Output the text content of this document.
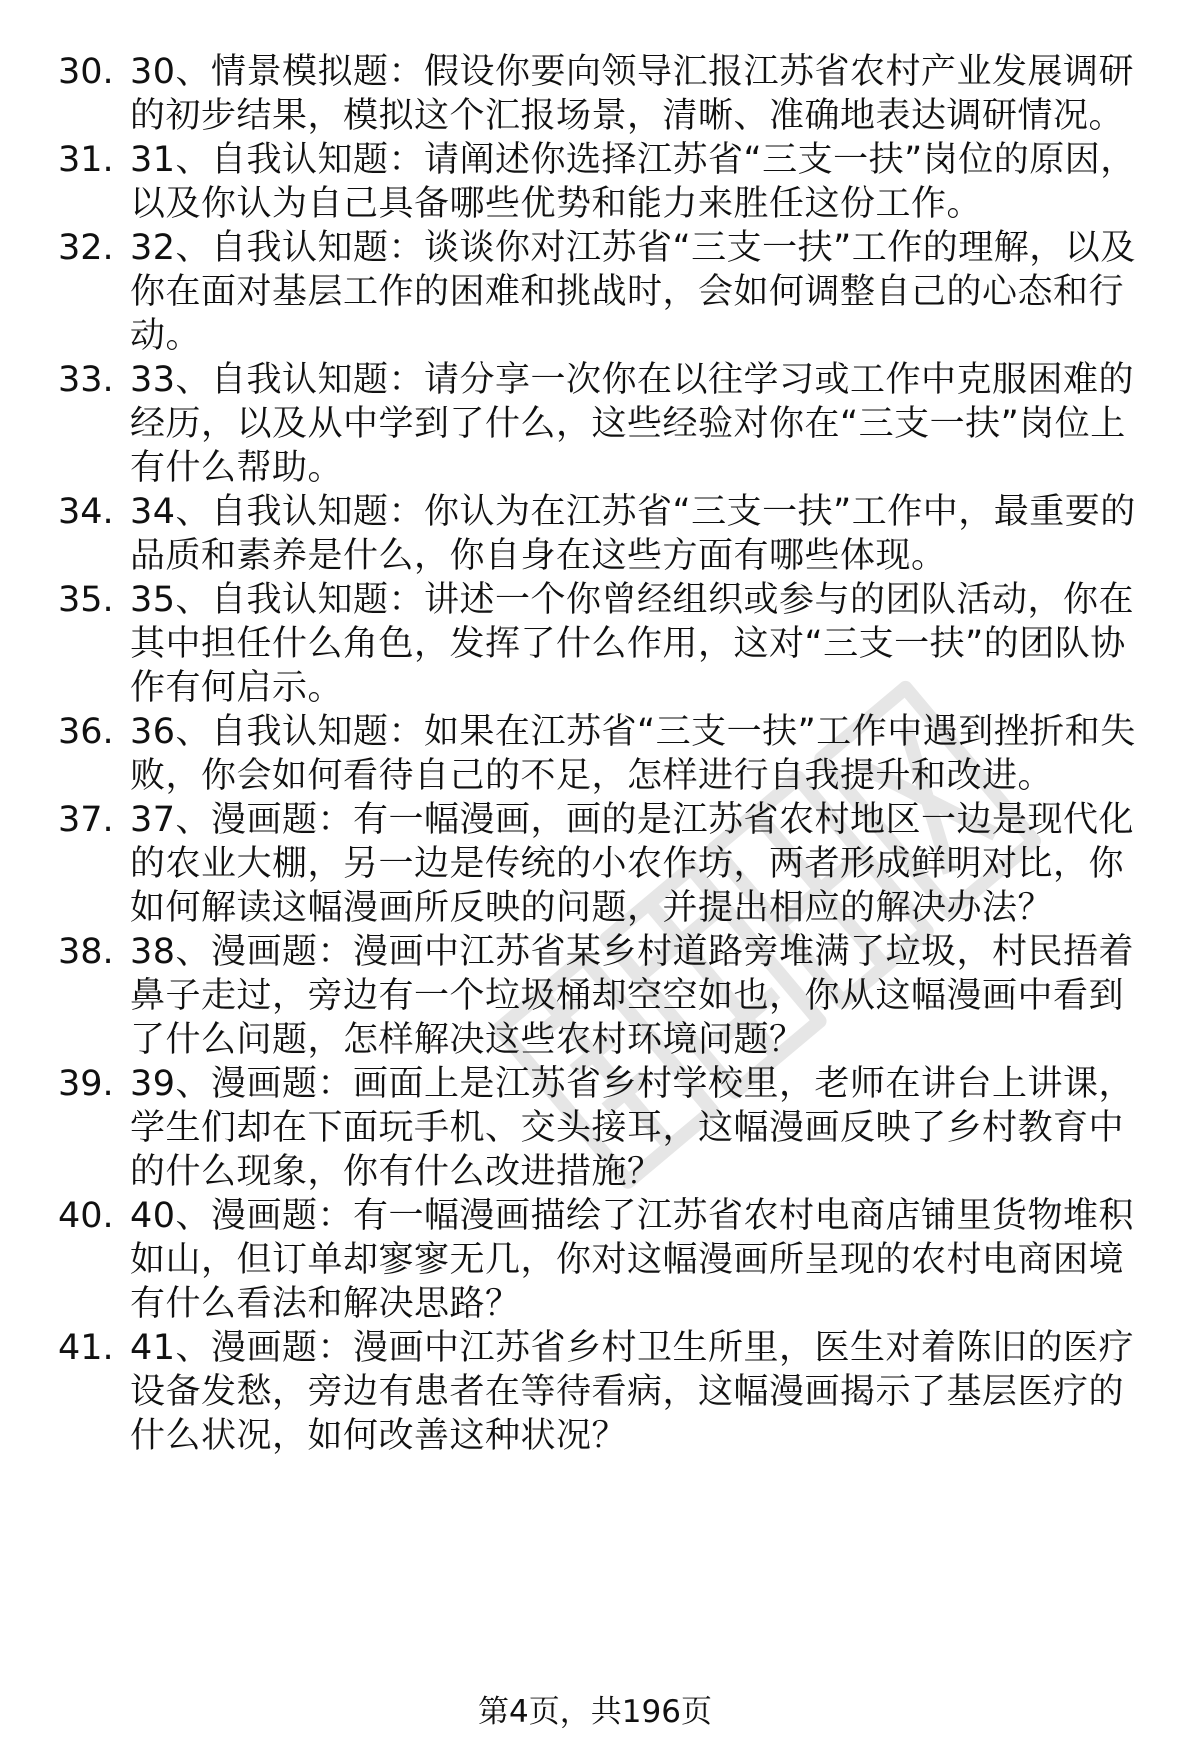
30. 30、情景模拟题：假设你要向领导汇报江苏省农村产业发展调研的初步结果，模拟这个汇报场景，清晰、准确地表达调研情况。
31. 31、自我认知题：请阐述你选择江苏省“三支一扶”岗位的原因，以及你认为自己具备哪些优势和能力来胜任这份工作。
32. 32、自我认知题：谈谈你对江苏省“三支一扶”工作的理解，以及你在面对基层工作的困难和挑战时，会如何调整自己的心态和行动。
33. 33、自我认知题：请分享一次你在以往学习或工作中克服困难的经历，以及从中学到了什么，这些经验对你在“三支一扶”岗位上有什么帮助。
34. 34、自我认知题：你认为在江苏省“三支一扶”工作中，最重要的品质和素养是什么，你自身在这些方面有哪些体现。
35. 35、自我认知题：讲述一个你曾经组织或参与的团队活动，你在其中担任什么角色，发挥了什么作用，这对“三支一扶”的团队协作有何启示。
36. 36、自我认知题：如果在江苏省“三支一扶”工作中遇到挫折和失败，你会如何看待自己的不足，怎样进行自我提升和改进。
37. 37、漫画题：有一幅漫画，画的是江苏省农村地区一边是现代化的农业大棚，另一边是传统的小农作坊，两者形成鲜明对比，你如何解读这幅漫画所反映的问题，并提出相应的解决办法？
38. 38、漫画题：漫画中江苏省某乡村道路旁堆满了垃圾，村民捂着鼻子走过，旁边有一个垃圾桶却空空如也，你从这幅漫画中看到了什么问题，怎样解决这些农村环境问题？
39. 39、漫画题：画面上是江苏省乡村学校里，老师在讲台上讲课，学生们却在下面玩手机、交头接耳，这幅漫画反映了乡村教育中的什么现象，你有什么改进措施？
40. 40、漫画题：有一幅漫画描绘了江苏省农村电商店铺里货物堆积如山，但订单却寥寥无几，你对这幅漫画所呈现的农村电商困境有什么看法和解决思路？
41. 41、漫画题：漫画中江苏省乡村卫生所里，医生对着陈旧的医疗设备发愁，旁边有患者在等待看病，这幅漫画揭示了基层医疗的什么状况，如何改善这种状况？
第4页，共196页
